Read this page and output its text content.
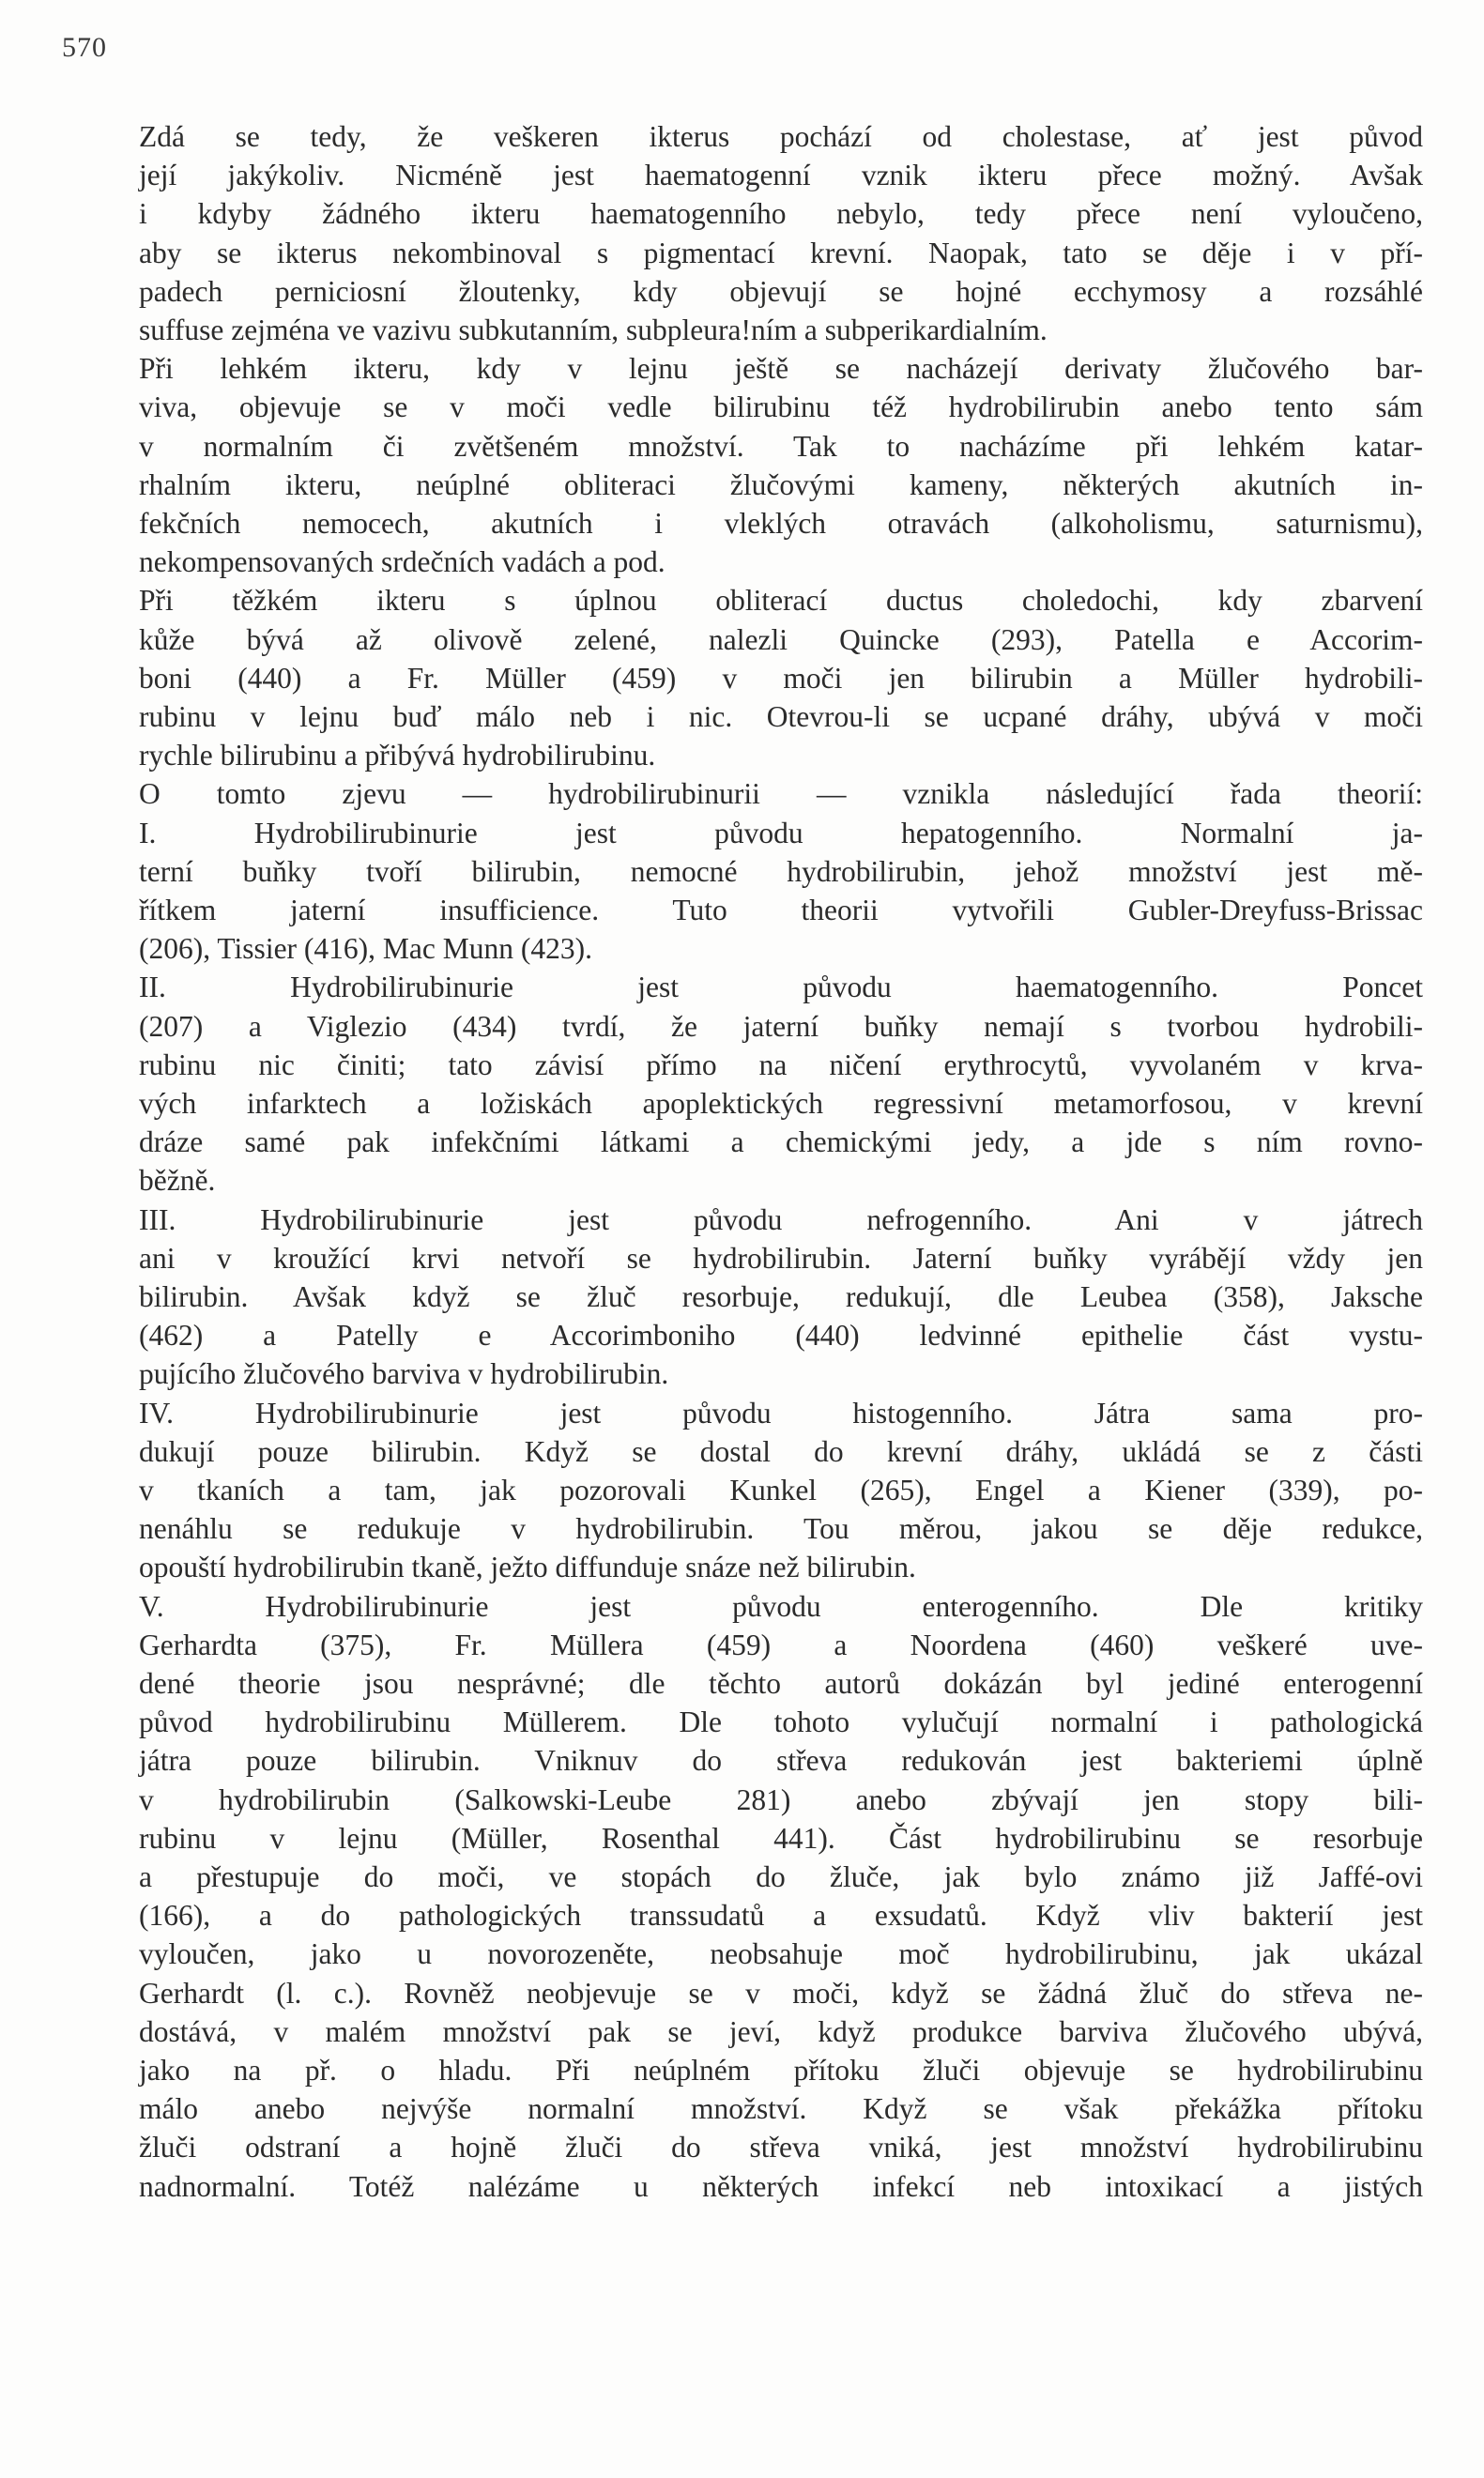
570
Zdá se tedy, že veškeren ikterus pochází od cholestase, ať jest původ
její jakýkoliv. Nicméně jest haematogenní vznik ikteru přece možný. Avšak
i kdyby žádného ikteru haematogenního nebylo, tedy přece není vyloučeno,
aby se ikterus nekombinoval s pigmentací krevní. Naopak, tato se děje i v pří-
padech perniciosní žloutenky, kdy objevují se hojné ecchymosy a rozsáhlé
suffuse zejména ve vazivu subkutanním, subpleura!ním a subperikardialním.
Při lehkém ikteru, kdy v lejnu ještě se nacházejí derivaty žlučového bar-
viva, objevuje se v moči vedle bilirubinu též hydrobilirubin anebo tento sám
v normalním či zvětšeném množství. Tak to nacházíme při lehkém katar-
rhalním ikteru, neúplné obliteraci žlučovými kameny, některých akutních in-
fekčních nemocech, akutních i vleklých otravách (alkoholismu, saturnismu),
nekompensovaných srdečních vadách a pod.
Při těžkém ikteru s úplnou obliterací ductus choledochi, kdy zbarvení
kůže bývá až olivově zelené, nalezli Quincke (293), Patella e Accorim-
boni (440) a Fr. Müller (459) v moči jen bilirubin a Müller hydrobili-
rubinu v lejnu buď málo neb i nic. Otevrou-li se ucpané dráhy, ubývá v moči
rychle bilirubinu a přibývá hydrobilirubinu.
O tomto zjevu — hydrobilirubinurii — vznikla následující řada theorií:
I. Hydrobilirubinurie jest původu hepatogenního. Normalní ja-
terní buňky tvoří bilirubin, nemocné hydrobilirubin, jehož množství jest mě-
řítkem jaterní insufficience. Tuto theorii vytvořili Gubler-Dreyfuss-Brissac
(206), Tissier (416), Mac Munn (423).
II. Hydrobilirubinurie jest původu haematogenního. Poncet
(207) a Viglezio (434) tvrdí, že jaterní buňky nemají s tvorbou hydrobili-
rubinu nic činiti; tato závisí přímo na ničení erythrocytů, vyvolaném v krva-
vých infarktech a ložiskách apoplektických regressivní metamorfosou, v krevní
dráze samé pak infekčními látkami a chemickými jedy, a jde s ním rovno-
běžně.
III. Hydrobilirubinurie jest původu nefrogenního. Ani v játrech
ani v kroužící krvi netvoří se hydrobilirubin. Jaterní buňky vyrábějí vždy jen
bilirubin. Avšak když se žluč resorbuje, redukují, dle Leubea (358), Jaksche
(462) a Patelly e Accorimboniho (440) ledvinné epithelie část vystu-
pujícího žlučového barviva v hydrobilirubin.
IV. Hydrobilirubinurie jest původu histogenního. Játra sama pro-
dukují pouze bilirubin. Když se dostal do krevní dráhy, ukládá se z části
v tkaních a tam, jak pozorovali Kunkel (265), Engel a Kiener (339), po-
nenáhlu se redukuje v hydrobilirubin. Tou měrou, jakou se děje redukce,
opouští hydrobilirubin tkaně, ježto diffunduje snáze než bilirubin.
V. Hydrobilirubinurie jest původu enterogenního. Dle kritiky
Gerhardta (375), Fr. Müllera (459) a Noordena (460) veškeré uve-
dené theorie jsou nesprávné; dle těchto autorů dokázán byl jediné enterogenní
původ hydrobilirubinu Müllerem. Dle tohoto vylučují normalní i pathologická
játra pouze bilirubin. Vniknuv do střeva redukován jest bakteriemi úplně
v hydrobilirubin (Salkowski-Leube 281) anebo zbývají jen stopy bili-
rubinu v lejnu (Müller, Rosenthal 441). Část hydrobilirubinu se resorbuje
a přestupuje do moči, ve stopách do žluče, jak bylo známo již Jaffé-ovi
(166), a do pathologických transsudatů a exsudatů. Když vliv bakterií jest
vyloučen, jako u novorozeněte, neobsahuje moč hydrobilirubinu, jak ukázal
Gerhardt (l. c.). Rovněž neobjevuje se v moči, když se žádná žluč do střeva ne-
dostává, v malém množství pak se jeví, když produkce barviva žlučového ubývá,
jako na př. o hladu. Při neúplném přítoku žluči objevuje se hydrobilirubinu
málo anebo nejvýše normalní množství. Když se však překážka přítoku
žluči odstraní a hojně žluči do střeva vniká, jest množství hydrobilirubinu
nadnormalní. Totéž nalézáme u některých infekcí neb intoxikací a jistých
